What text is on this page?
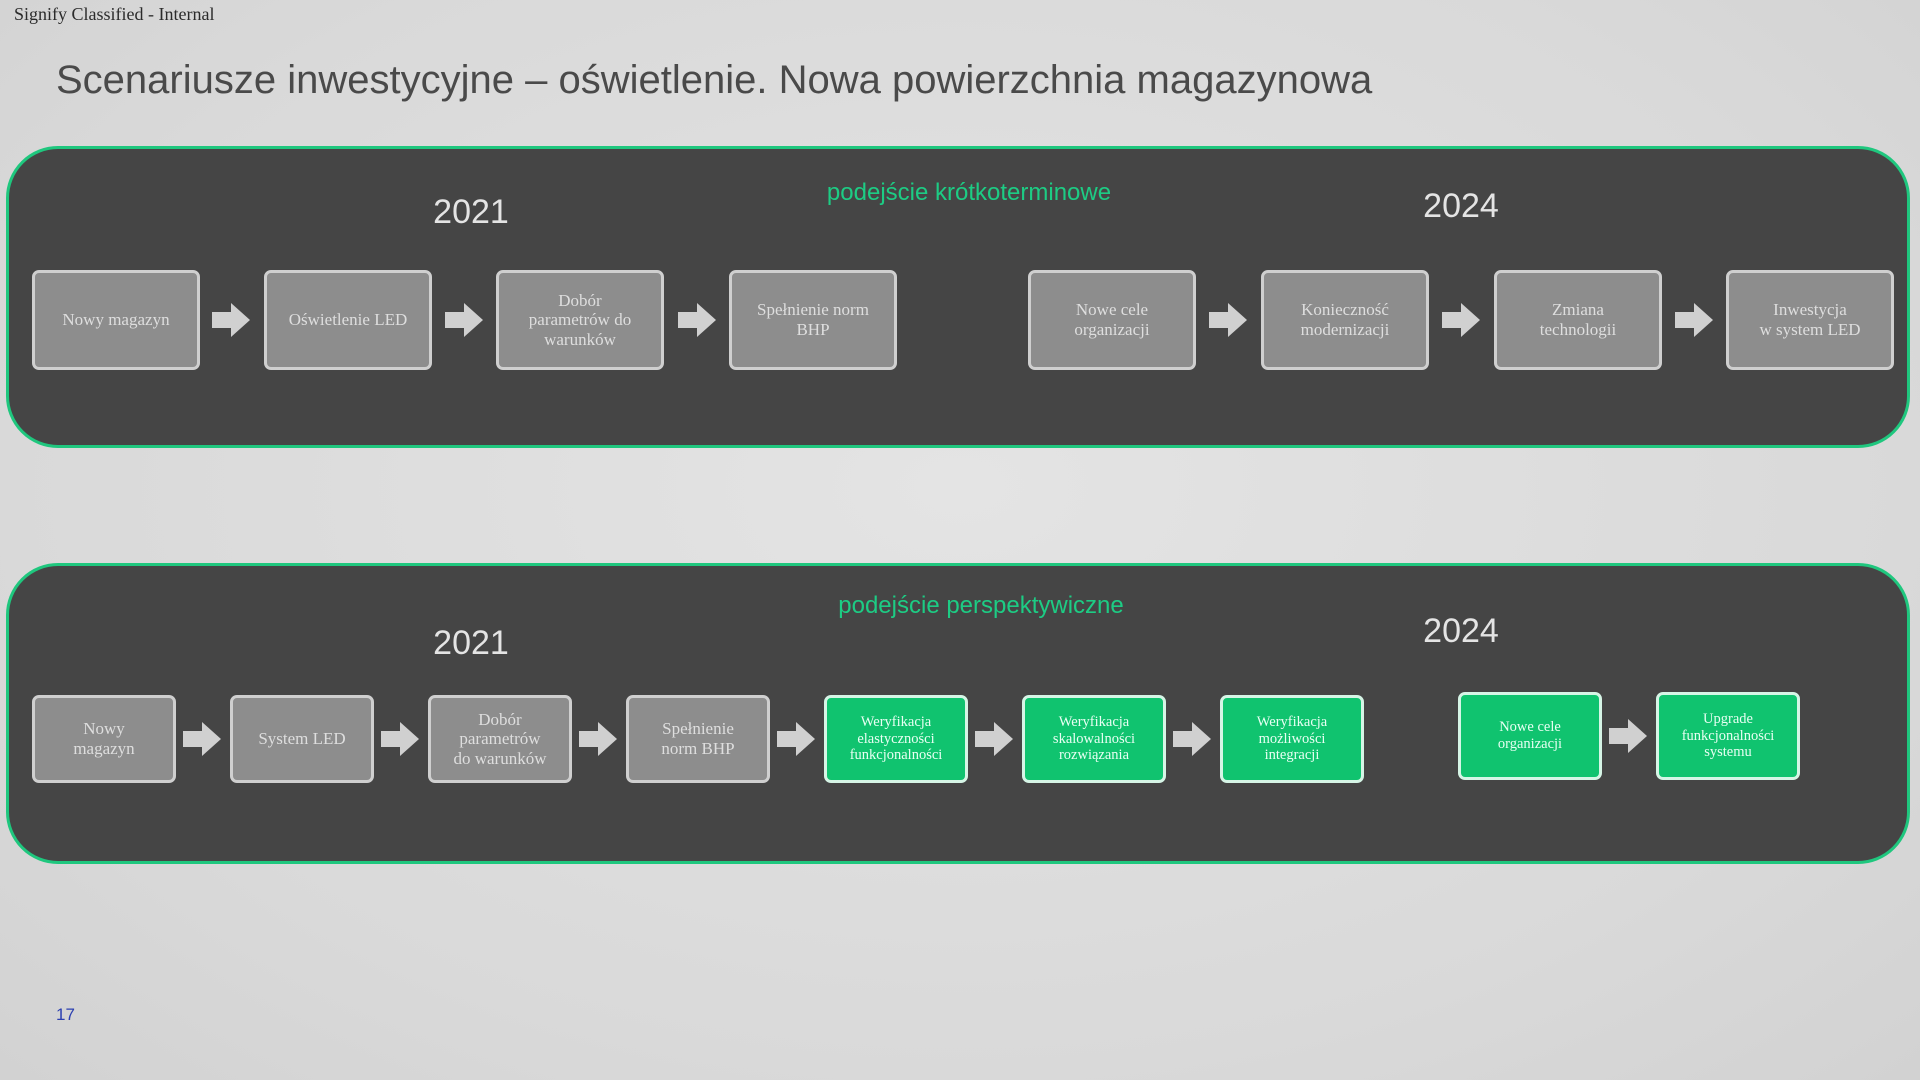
Signify Classified - Internal
Scenariusze inwestycyjne – oświetlenie. Nowa powierzchnia magazynowa
podejście krótkoterminowe
2021	2024
Nowy magazyn	Oświetlenie LED
Dobór
parametrów do
warunków
Spełnienie norm
BHP
Nowe cele
organizacji
Konieczność
modernizacji
Zmiana
technologii
Inwestycja
w system LED
podejście perspektywiczne
2021	2024
Nowy
magazyn
System LED
Dobór
parametrów
do warunków
Spełnienie
norm BHP
Weryfikacja
elastyczności
funkcjonalności
Weryfikacja
skalowalności
rozwiązania
Weryfikacja
możliwości
integracji
Nowe cele
organizacji
Upgrade
funkcjonalności
systemu
17
